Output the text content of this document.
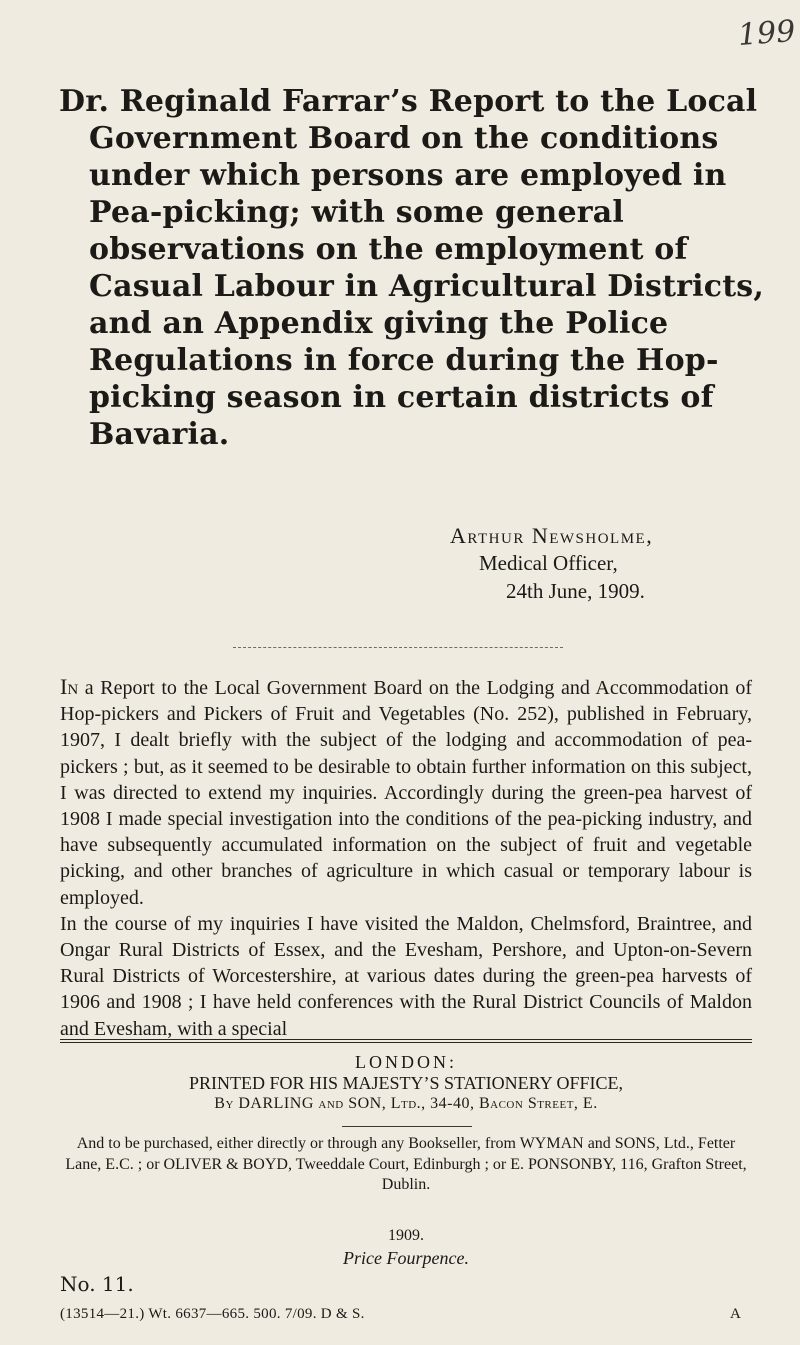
199
Dr. Reginald Farrar’s Report to the Local Government Board on the conditions under which persons are employed in Pea-picking; with some general observations on the employment of Casual Labour in Agricultural Districts, and an Appendix giving the Police Regulations in force during the Hop-picking season in certain districts of Bavaria.
Arthur Newsholme,
Medical Officer,
24th June, 1909.

In a Report to the Local Government Board on the Lodging and Accommodation of Hop-pickers and Pickers of Fruit and Vegetables (No. 252), published in February, 1907, I dealt briefly with the subject of the lodging and accommodation of pea-pickers ; but, as it seemed to be desirable to obtain further information on this subject, I was directed to extend my inquiries. Accordingly during the green-pea harvest of 1908 I made special investigation into the conditions of the pea-picking industry, and have subsequently accumulated information on the subject of fruit and vegetable picking, and other branches of agriculture in which casual or temporary labour is employed.

In the course of my inquiries I have visited the Maldon, Chelmsford, Braintree, and Ongar Rural Districts of Essex, and the Evesham, Pershore, and Upton-on-Severn Rural Districts of Worcestershire, at various dates during the green-pea harvests of 1906 and 1908 ; I have held conferences with the Rural District Councils of Maldon and Evesham, with a special

LONDON:
PRINTED FOR HIS MAJESTY’S STATIONERY OFFICE,
By DARLING and SON, Ltd., 34-40, Bacon Street, E.

And to be purchased, either directly or through any Bookseller, from WYMAN and SONS, Ltd., Fetter Lane, E.C. ; or OLIVER & BOYD, Tweeddale Court, Edinburgh ; or E. PONSONBY, 116, Grafton Street, Dublin.

1909.
Price Fourpence.
No. 11.
(13514—21.) Wt. 6637—665. 500. 7/09. D & S.	A
